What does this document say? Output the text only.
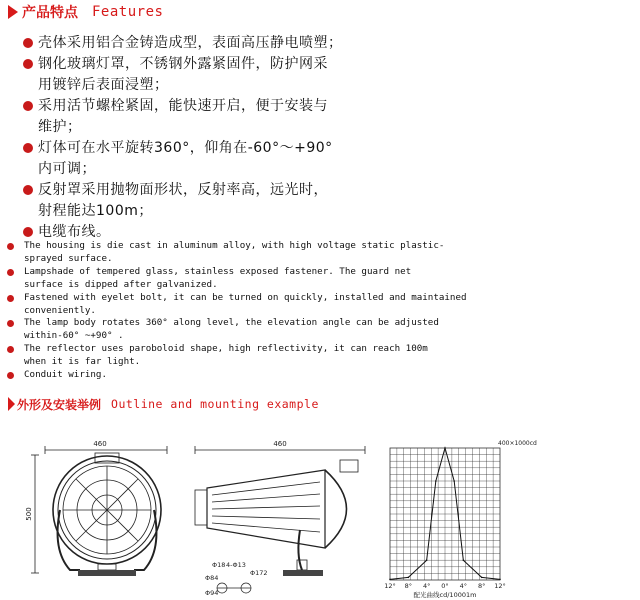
产品特点 Features
壳体采用铝合金铸造成型，表面高压静电喷塑；
钢化玻璃灯罩，不锈钢外露紧固件，防护网采
用镀锌后表面浸塑；
采用活节螺栓紧固，能快速开启，便于安装与
维护；
灯体可在水平旋转360°，仰角在-60°～+90°
内可调；
反射罩采用抛物面形状，反射率高，远光时，
射程能达100m；
电缆布线。
The housing is die cast in aluminum alloy, with high voltage static plastic-
sprayed surface.
Lampshade of tempered glass, stainless exposed fastener. The guard net
surface is dipped after galvanized.
Fastened with eyelet bolt, it can be turned on quickly, installed and maintained
conveniently.
The lamp body rotates 360° along level, the elevation angle can be adjusted
within-60° ~+90° .
The reflector uses paroboloid shape, high reflectivity, it can reach 100m
when it is far light.
Conduit wiring.
外形及安装举例 Outline and mounting example
460
500
460
Φ18 4-Φ13
Φ172
Φ84
Φ94
12° 8° 4° 0° 4° 8° 12°
400×1000cd
配光曲线cd/10001m
